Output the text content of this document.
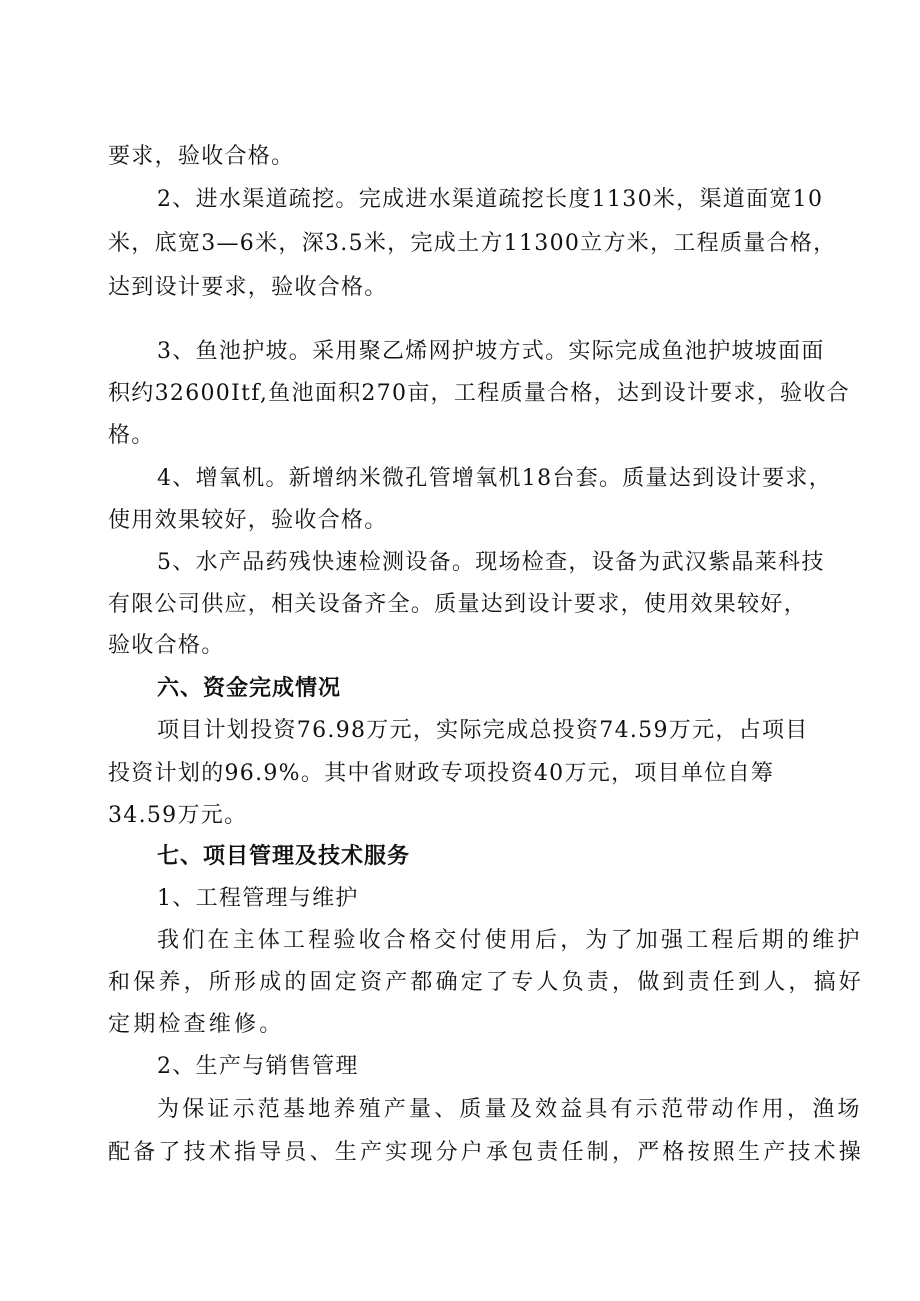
要求，验收合格。
2、进水渠道疏挖。完成进水渠道疏挖长度1130米，渠道面宽10
米，底宽3—6米，深3.5米，完成土方11300立方米，工程质量合格，
达到设计要求，验收合格。
3、鱼池护坡。采用聚乙烯网护坡方式。实际完成鱼池护坡坡面面
积约32600Itf,鱼池面积270亩，工程质量合格，达到设计要求，验收合
格。
4、增氧机。新增纳米微孔管增氧机18台套。质量达到设计要求，
使用效果较好，验收合格。
5、水产品药残快速检测设备。现场检查，设备为武汉紫晶莱科技
有限公司供应，相关设备齐全。质量达到设计要求，使用效果较好，
验收合格。
六、资金完成情况
项目计划投资76.98万元，实际完成总投资74.59万元，占项目
投资计划的96.9%。其中省财政专项投资40万元，项目单位自筹
34.59万元。
七、项目管理及技术服务
1、工程管理与维护
我们在主体工程验收合格交付使用后，为了加强工程后期的维护
和保养，所形成的固定资产都确定了专人负责，做到责任到人，搞好
定期检查维修。
2、生产与销售管理
为保证示范基地养殖产量、质量及效益具有示范带动作用，渔场
配备了技术指导员、生产实现分户承包责任制，严格按照生产技术操
